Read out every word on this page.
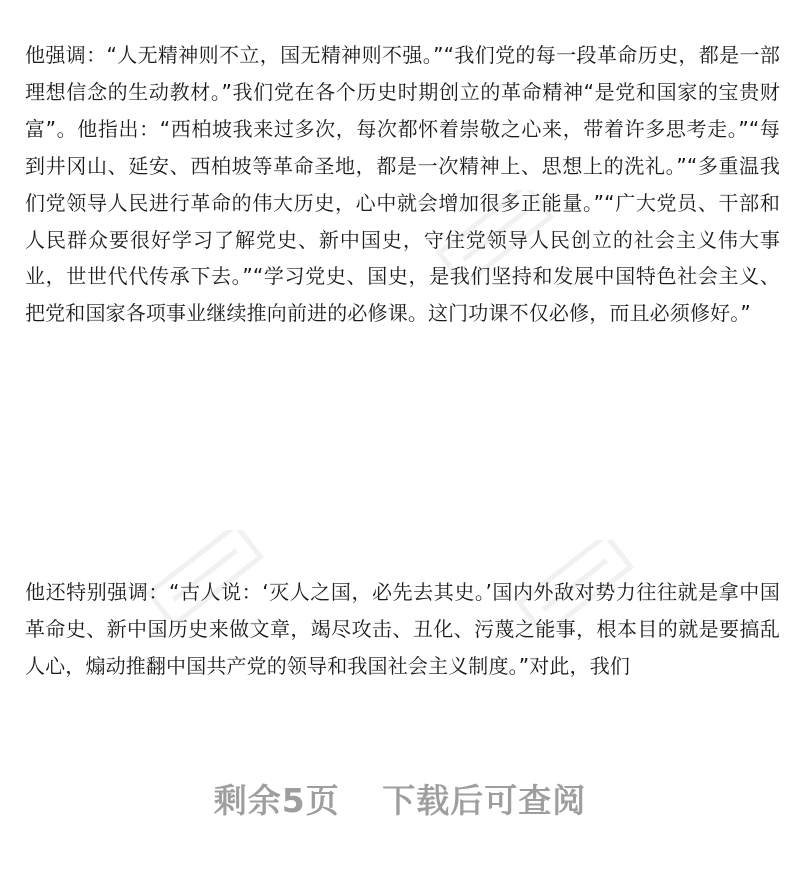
他强调：“人无精神则不立，国无精神则不强。”“我们党的每一段革命历史，都是一部理想信念的生动教材。”我们党在各个历史时期创立的革命精神“是党和国家的宝贵财富”。他指出：“西柏坡我来过多次，每次都怀着崇敬之心来，带着许多思考走。”“每到井冈山、延安、西柏坡等革命圣地，都是一次精神上、思想上的洗礼。”“多重温我们党领导人民进行革命的伟大历史，心中就会增加很多正能量。”“广大党员、干部和人民群众要很好学习了解党史、新中国史，守住党领导人民创立的社会主义伟大事业，世世代代传承下去。”“学习党史、国史，是我们坚持和发展中国特色社会主义、把党和国家各项事业继续推向前进的必修课。这门功课不仅必修，而且必须修好。”
他还特别强调：“古人说：‘灭人之国，必先去其史。’国内外敌对势力往往就是拿中国革命史、新中国历史来做文章，竭尽攻击、丑化、污蔑之能事，根本目的就是要搞乱人心，煽动推翻中国共产党的领导和我国社会主义制度。”对此，我们
剩余5页 下载后可查阅
